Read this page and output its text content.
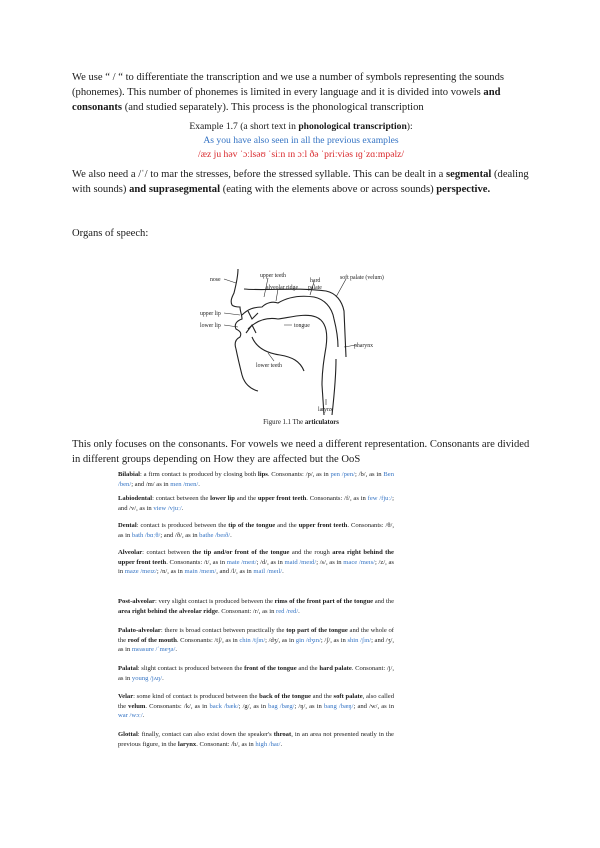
We use “ / “ to differentiate the transcription and we use a number of symbols representing the sounds (phonemes). This number of phonemes is limited in every language and it is divided into vowels and consonants (and studied separately). This process is the phonological transcription

Example 1.7 (a short text in phonological transcription):
As you have also seen in all the previous examples
/æz ju həv ˈɔːlsəʊ ˈsiːn ɪn ɔːl ðə ˈpriːviəs ɪɡˈzɑːmpəlz/

We also need a /ˈ/ to mar the stresses, before the stressed syllable. This can be dealt in a segmental (dealing with sounds) and suprasegmental (eating with the elements above or across sounds) perspective.

Organs of speech:

nose
upper teeth
alveolar ridge
hard
palate
soft palate (velum)
upper lip
lower lip	tongue
pharynx
lower teeth
larynx
Figure 1.1 The articulators

This only focuses on the consonants. For vowels we need a different representation. Consonants are divided in different groups depending on How they are affected but the OoS

Bilabial: a firm contact is produced by closing both lips. Consonants: /p/, as in pen /pen/; /b/, as in Ben /ben/; and /m/ as in men /men/.

Labiodental: contact between the lower lip and the upper front teeth. Consonants: /f/, as in few /fjuː/; and /v/, as in view /vjuː/.

Dental: contact is produced between the tip of the tongue and the upper front teeth. Consonants: /θ/, as in bath /bɑːθ/; and /ð/, as in bathe /beɪð/.

Alveolar: contact between the tip and/or front of the tongue and the rough area right behind the upper front teeth. Consonants: /t/, as in mate /meɪt/; /d/, as in maid /meɪd/; /s/, as in mace /meɪs/; /z/, as in maze /meɪz/; /n/, as in main /meɪn/, and /l/, as in mail /meɪl/.

Post-alveolar: very slight contact is produced between the rims of the front part of the tongue and the area right behind the alveolar ridge. Consonant: /r/, as in red /red/.

Palato-alveolar: there is broad contact between practically the top part of the tongue and the whole of the roof of the mouth. Consonants: /tʃ/, as in chin /tʃɪn/; /dʒ/, as in gin /dʒɪn/; /ʃ/, as in shin /ʃɪn/; and /ʒ/, as in measure /ˈmeʒə/.

Palatal: slight contact is produced between the front of the tongue and the hard palate. Consonant: /j/, as in young /jʌŋ/.

Velar: some kind of contact is produced between the back of the tongue and the soft palate, also called the velum. Consonants: /k/, as in back /bæk/; /g/, as in bag /bæg/; /ŋ/, as in bang /bæŋ/; and /w/, as in war /wɔː/.

Glottal: finally, contact can also exist down the speaker's throat, in an area not presented neatly in the previous figure, in the larynx. Consonant: /h/, as in high /haɪ/.
